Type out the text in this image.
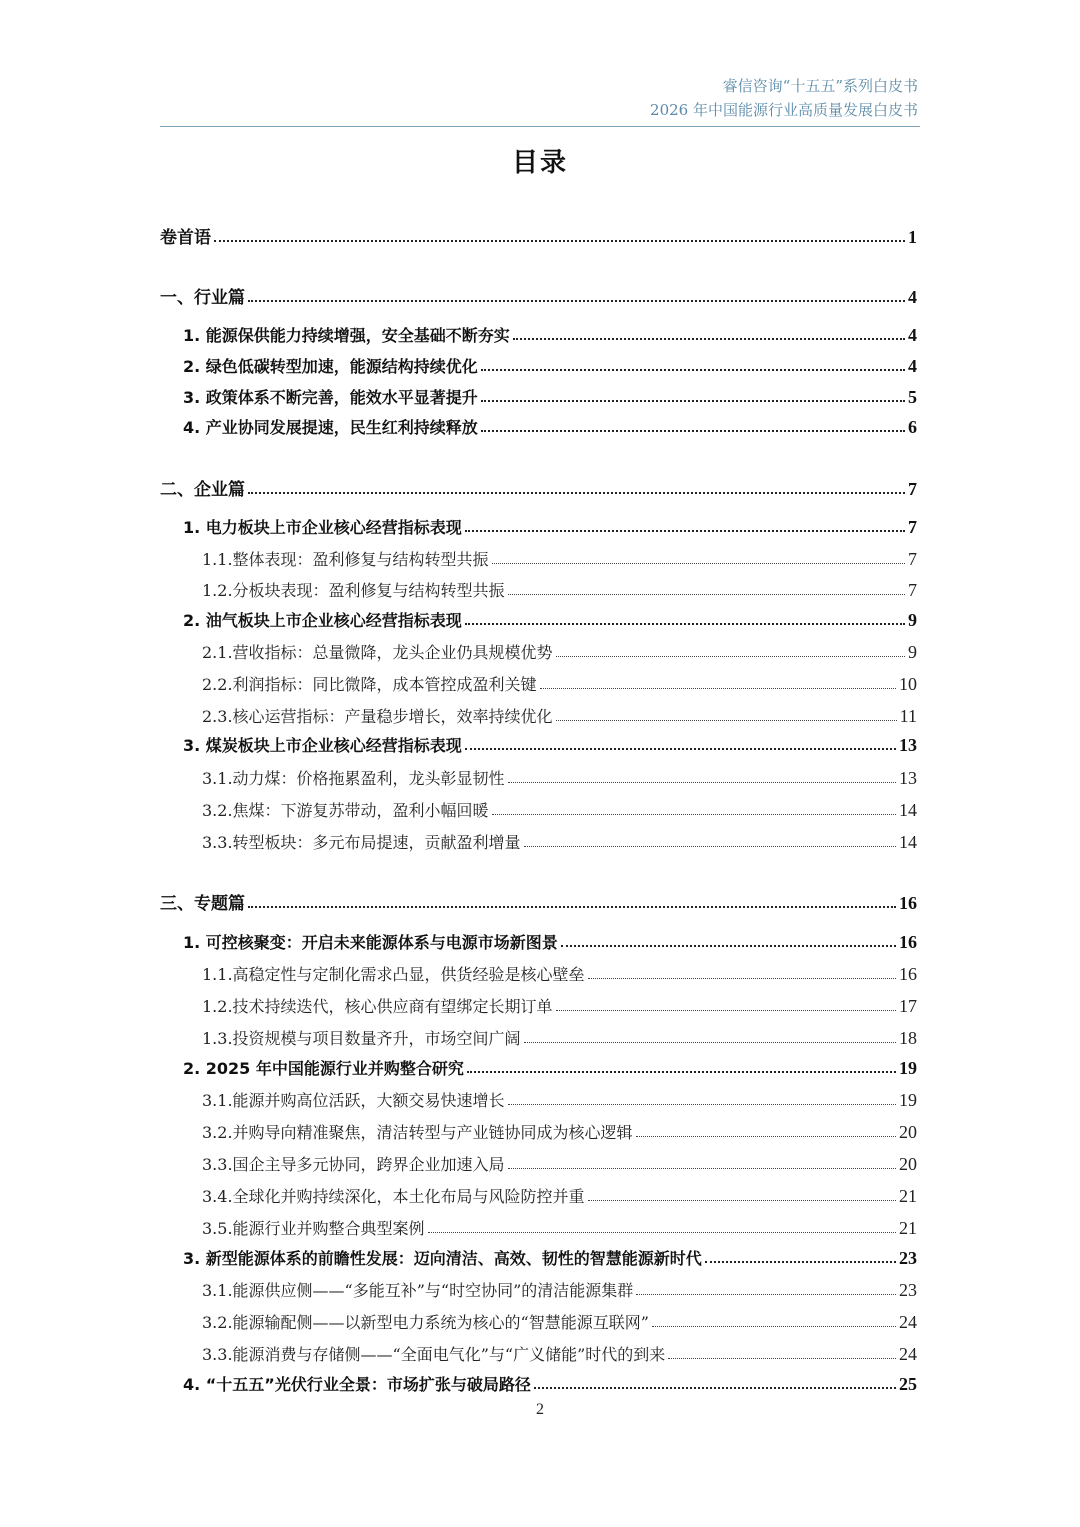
睿信咨询“十五五”系列白皮书
2026 年中国能源行业高质量发展白皮书
目录
卷首语	1
一、行业篇	4
1. 能源保供能力持续增强，安全基础不断夯实	4
2. 绿色低碳转型加速，能源结构持续优化	4
3. 政策体系不断完善，能效水平显著提升	5
4. 产业协同发展提速，民生红利持续释放	6
二、企业篇	7
1. 电力板块上市企业核心经营指标表现	7
1.1.整体表现：盈利修复与结构转型共振	7
1.2.分板块表现：盈利修复与结构转型共振	7
2. 油气板块上市企业核心经营指标表现	9
2.1.营收指标：总量微降，龙头企业仍具规模优势	9
2.2.利润指标：同比微降，成本管控成盈利关键	10
2.3.核心运营指标：产量稳步增长，效率持续优化	11
3. 煤炭板块上市企业核心经营指标表现	13
3.1.动力煤：价格拖累盈利，龙头彰显韧性	13
3.2.焦煤：下游复苏带动，盈利小幅回暖	14
3.3.转型板块：多元布局提速，贡献盈利增量	14
三、专题篇	16
1. 可控核聚变：开启未来能源体系与电源市场新图景	16
1.1.高稳定性与定制化需求凸显，供货经验是核心壁垒	16
1.2.技术持续迭代，核心供应商有望绑定长期订单	17
1.3.投资规模与项目数量齐升，市场空间广阔	18
2. 2025 年中国能源行业并购整合研究	19
3.1.能源并购高位活跃，大额交易快速增长	19
3.2.并购导向精准聚焦，清洁转型与产业链协同成为核心逻辑	20
3.3.国企主导多元协同，跨界企业加速入局	20
3.4.全球化并购持续深化，本土化布局与风险防控并重	21
3.5.能源行业并购整合典型案例	21
3. 新型能源体系的前瞻性发展：迈向清洁、高效、韧性的智慧能源新时代	23
3.1.能源供应侧——“多能互补”与“时空协同”的清洁能源集群	23
3.2.能源输配侧——以新型电力系统为核心的“智慧能源互联网”	24
3.3.能源消费与存储侧——“全面电气化”与“广义储能”时代的到来	24
4. “十五五”光伏行业全景：市场扩张与破局路径	25
2
